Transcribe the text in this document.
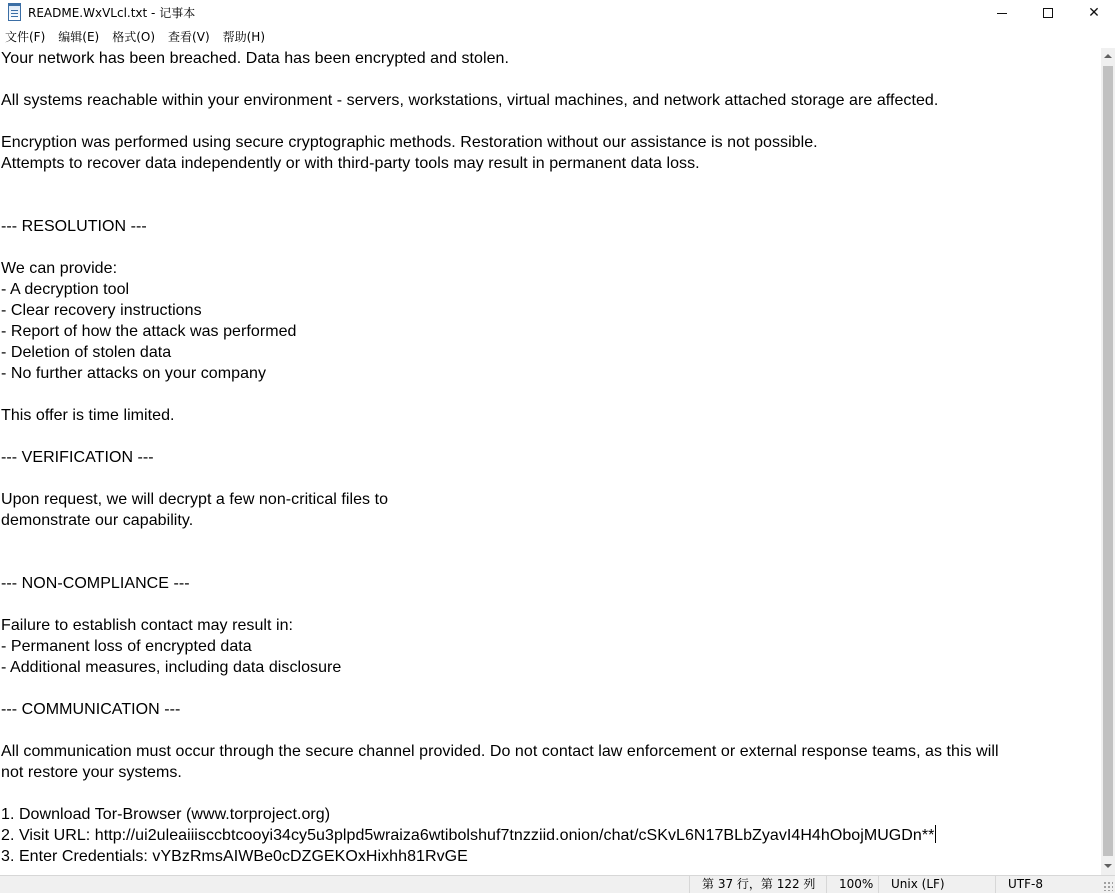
README.WxVLcl.txt - 记事本	✕
文件(F) 编辑(E) 格式(O) 查看(V) 帮助(H)
Your network has been breached. Data has been encrypted and stolen.

All systems reachable within your environment - servers, workstations, virtual machines, and network attached storage are affected.

Encryption was performed using secure cryptographic methods. Restoration without our assistance is not possible.
Attempts to recover data independently or with third-party tools may result in permanent data loss.

--- RESOLUTION ---

We can provide:
- A decryption tool
- Clear recovery instructions
- Report of how the attack was performed
- Deletion of stolen data
- No further attacks on your company

This offer is time limited.

--- VERIFICATION ---

Upon request, we will decrypt a few non-critical files to
demonstrate our capability.

--- NON-COMPLIANCE ---

Failure to establish contact may result in:
- Permanent loss of encrypted data
- Additional measures, including data disclosure

--- COMMUNICATION ---

All communication must occur through the secure channel provided. Do not contact law enforcement or external response teams, as this will
not restore your systems.

1. Download Tor-Browser (www.torproject.org)
2. Visit URL: http://ui2uleaiiisccbtcooyi34cy5u3plpd5wraiza6wtibolshuf7tnzziid.onion/chat/cSKvL6N17BLbZyavI4H4hObojMUGDn**
3. Enter Credentials: vYBzRmsAIWBe0cDZGEKOxHixhh81RvGE
第 37 行，第 122 列	100%	Unix (LF)	UTF-8
